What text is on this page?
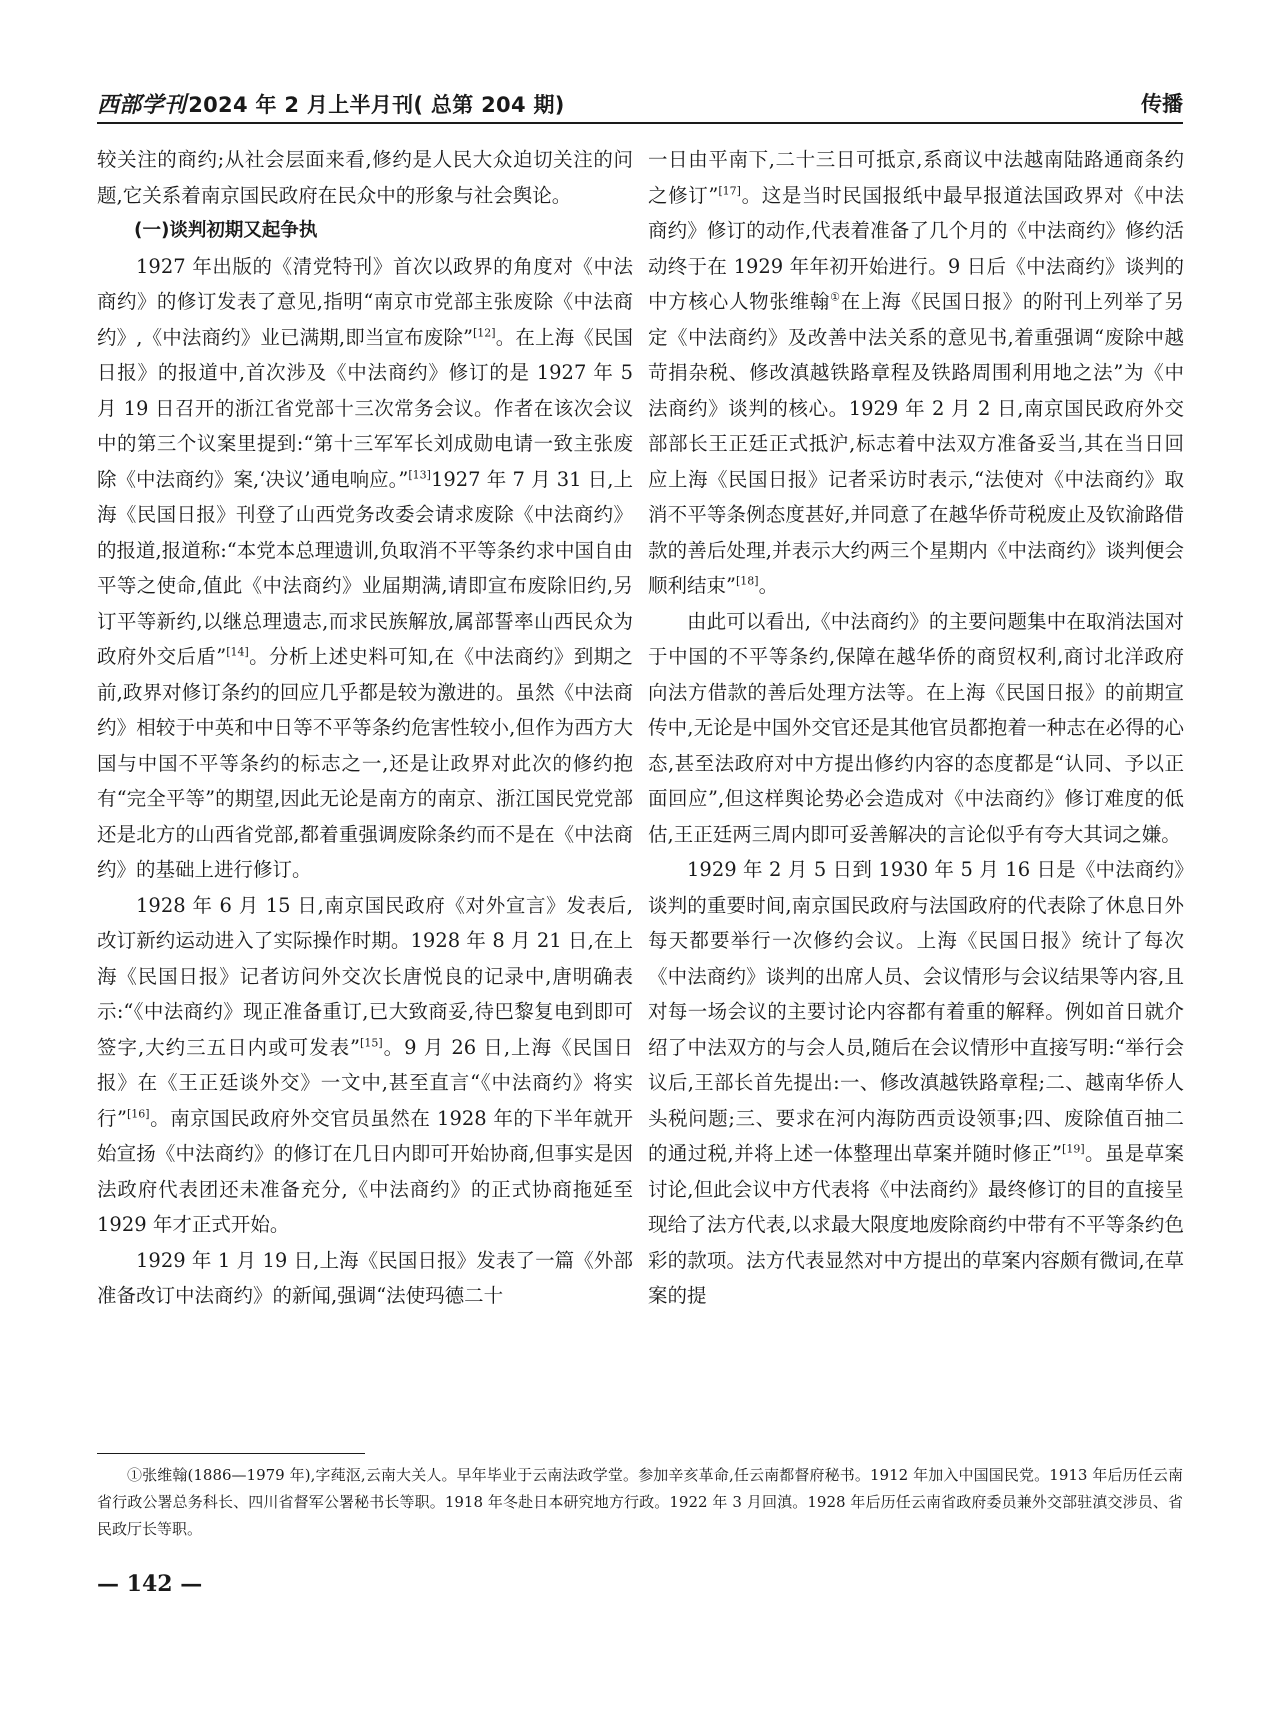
西部学刊2024 年 2 月上半月刊( 总第 204 期)	传播

较关注的商约;从社会层面来看,修约是人民大众迫切关注的问题,它关系着南京国民政府在民众中的形象与社会舆论。

(一)谈判初期又起争执

1927 年出版的《清党特刊》首次以政界的角度对《中法商约》的修订发表了意见,指明“南京市党部主张废除《中法商约》,《中法商约》业已满期,即当宣布废除”[12]。在上海《民国日报》的报道中,首次涉及《中法商约》修订的是 1927 年 5 月 19 日召开的浙江省党部十三次常务会议。作者在该次会议中的第三个议案里提到:“第十三军军长刘成勋电请一致主张废除《中法商约》案,‘决议’通电响应。”[13]1927 年 7 月 31 日,上海《民国日报》刊登了山西党务改委会请求废除《中法商约》的报道,报道称:“本党本总理遗训,负取消不平等条约求中国自由平等之使命,值此《中法商约》业届期满,请即宣布废除旧约,另订平等新约,以继总理遗志,而求民族解放,属部誓率山西民众为政府外交后盾”[14]。分析上述史料可知,在《中法商约》到期之前,政界对修订条约的回应几乎都是较为激进的。虽然《中法商约》相较于中英和中日等不平等条约危害性较小,但作为西方大国与中国不平等条约的标志之一,还是让政界对此次的修约抱有“完全平等”的期望,因此无论是南方的南京、浙江国民党党部还是北方的山西省党部,都着重强调废除条约而不是在《中法商约》的基础上进行修订。

1928 年 6 月 15 日,南京国民政府《对外宣言》发表后,改订新约运动进入了实际操作时期。1928 年 8 月 21 日,在上海《民国日报》记者访问外交次长唐悦良的记录中,唐明确表示:“《中法商约》现正准备重订,已大致商妥,待巴黎复电到即可签字,大约三五日内或可发表”[15]。9 月 26 日,上海《民国日报》在《王正廷谈外交》一文中,甚至直言“《中法商约》将实行”[16]。南京国民政府外交官员虽然在 1928 年的下半年就开始宣扬《中法商约》的修订在几日内即可开始协商,但事实是因法政府代表团还未准备充分,《中法商约》的正式协商拖延至 1929 年才正式开始。

1929 年 1 月 19 日,上海《民国日报》发表了一篇《外部准备改订中法商约》的新闻,强调“法使玛德二十

一日由平南下,二十三日可抵京,系商议中法越南陆路通商条约之修订”[17]。这是当时民国报纸中最早报道法国政界对《中法商约》修订的动作,代表着准备了几个月的《中法商约》修约活动终于在 1929 年年初开始进行。9 日后《中法商约》谈判的中方核心人物张维翰①在上海《民国日报》的附刊上列举了另定《中法商约》及改善中法关系的意见书,着重强调“废除中越苛捐杂税、修改滇越铁路章程及铁路周围利用地之法”为《中法商约》谈判的核心。1929 年 2 月 2 日,南京国民政府外交部部长王正廷正式抵沪,标志着中法双方准备妥当,其在当日回应上海《民国日报》记者采访时表示,“法使对《中法商约》取消不平等条例态度甚好,并同意了在越华侨苛税废止及钦渝路借款的善后处理,并表示大约两三个星期内《中法商约》谈判便会顺利结束”[18]。

由此可以看出,《中法商约》的主要问题集中在取消法国对于中国的不平等条约,保障在越华侨的商贸权利,商讨北洋政府向法方借款的善后处理方法等。在上海《民国日报》的前期宣传中,无论是中国外交官还是其他官员都抱着一种志在必得的心态,甚至法政府对中方提出修约内容的态度都是“认同、予以正面回应”,但这样舆论势必会造成对《中法商约》修订难度的低估,王正廷两三周内即可妥善解决的言论似乎有夸大其词之嫌。

1929 年 2 月 5 日到 1930 年 5 月 16 日是《中法商约》谈判的重要时间,南京国民政府与法国政府的代表除了休息日外每天都要举行一次修约会议。上海《民国日报》统计了每次《中法商约》谈判的出席人员、会议情形与会议结果等内容,且对每一场会议的主要讨论内容都有着重的解释。例如首日就介绍了中法双方的与会人员,随后在会议情形中直接写明:“举行会议后,王部长首先提出:一、修改滇越铁路章程;二、越南华侨人头税问题;三、要求在河内海防西贡设领事;四、废除值百抽二的通过税,并将上述一体整理出草案并随时修正”[19]。虽是草案讨论,但此会议中方代表将《中法商约》最终修订的目的直接呈现给了法方代表,以求最大限度地废除商约中带有不平等条约色彩的款项。法方代表显然对中方提出的草案内容颇有微词,在草案的提

①张维翰(1886—1979 年),字莼沤,云南大关人。早年毕业于云南法政学堂。参加辛亥革命,任云南都督府秘书。1912 年加入中国国民党。1913 年后历任云南省行政公署总务科长、四川省督军公署秘书长等职。1918 年冬赴日本研究地方行政。1922 年 3 月回滇。1928 年后历任云南省政府委员兼外交部驻滇交涉员、省民政厅长等职。
— 142 —
